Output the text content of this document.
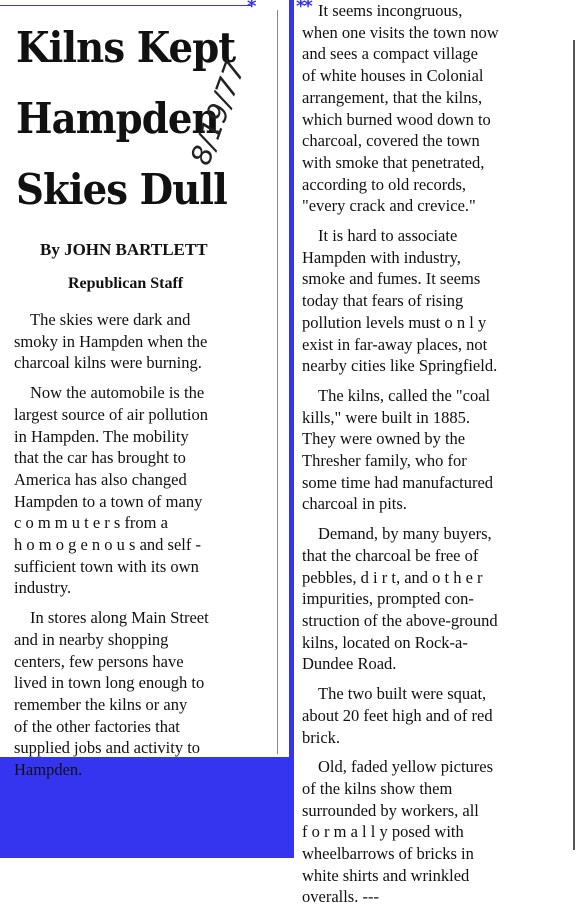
* **
Kilns Kept
Hampden
Skies Dull
8/19/77
By JOHN BARTLETT
Republican Staff
The skies were dark and
smoky in Hampden when the
charcoal kilns were burning.
Now the automobile is the
largest source of air pollution
in Hampden. The mobility
that the car has brought to
America has also changed
Hampden to a town of many
c o m m u t e r s from a
h o m o g e n o u s and self -
sufficient town with its own
industry.
In stores along Main Street
and in nearby shopping
centers, few persons have
lived in town long enough to
remember the kilns or any
of the other factories that
supplied jobs and activity to
Hampden.
It seems incongruous,
when one visits the town now
and sees a compact village
of white houses in Colonial
arrangement, that the kilns,
which burned wood down to
charcoal, covered the town
with smoke that penetrated,
according to old records,
"every crack and crevice."
It is hard to associate
Hampden with industry,
smoke and fumes. It seems
today that fears of rising
pollution levels must o n l y
exist in far-away places, not
nearby cities like Springfield.
The kilns, called the "coal
kills," were built in 1885.
They were owned by the
Thresher family, who for
some time had manufactured
charcoal in pits.
Demand, by many buyers,
that the charcoal be free of
pebbles, d i r t, and o t h e r
impurities, prompted con-
struction of the above-ground
kilns, located on Rock-a-
Dundee Road.
The two built were squat,
about 20 feet high and of red
brick.
Old, faded yellow pictures
of the kilns show them
surrounded by workers, all
f o r m a l l y posed with
wheelbarrows of bricks in
white shirts and wrinkled
overalls. ---
